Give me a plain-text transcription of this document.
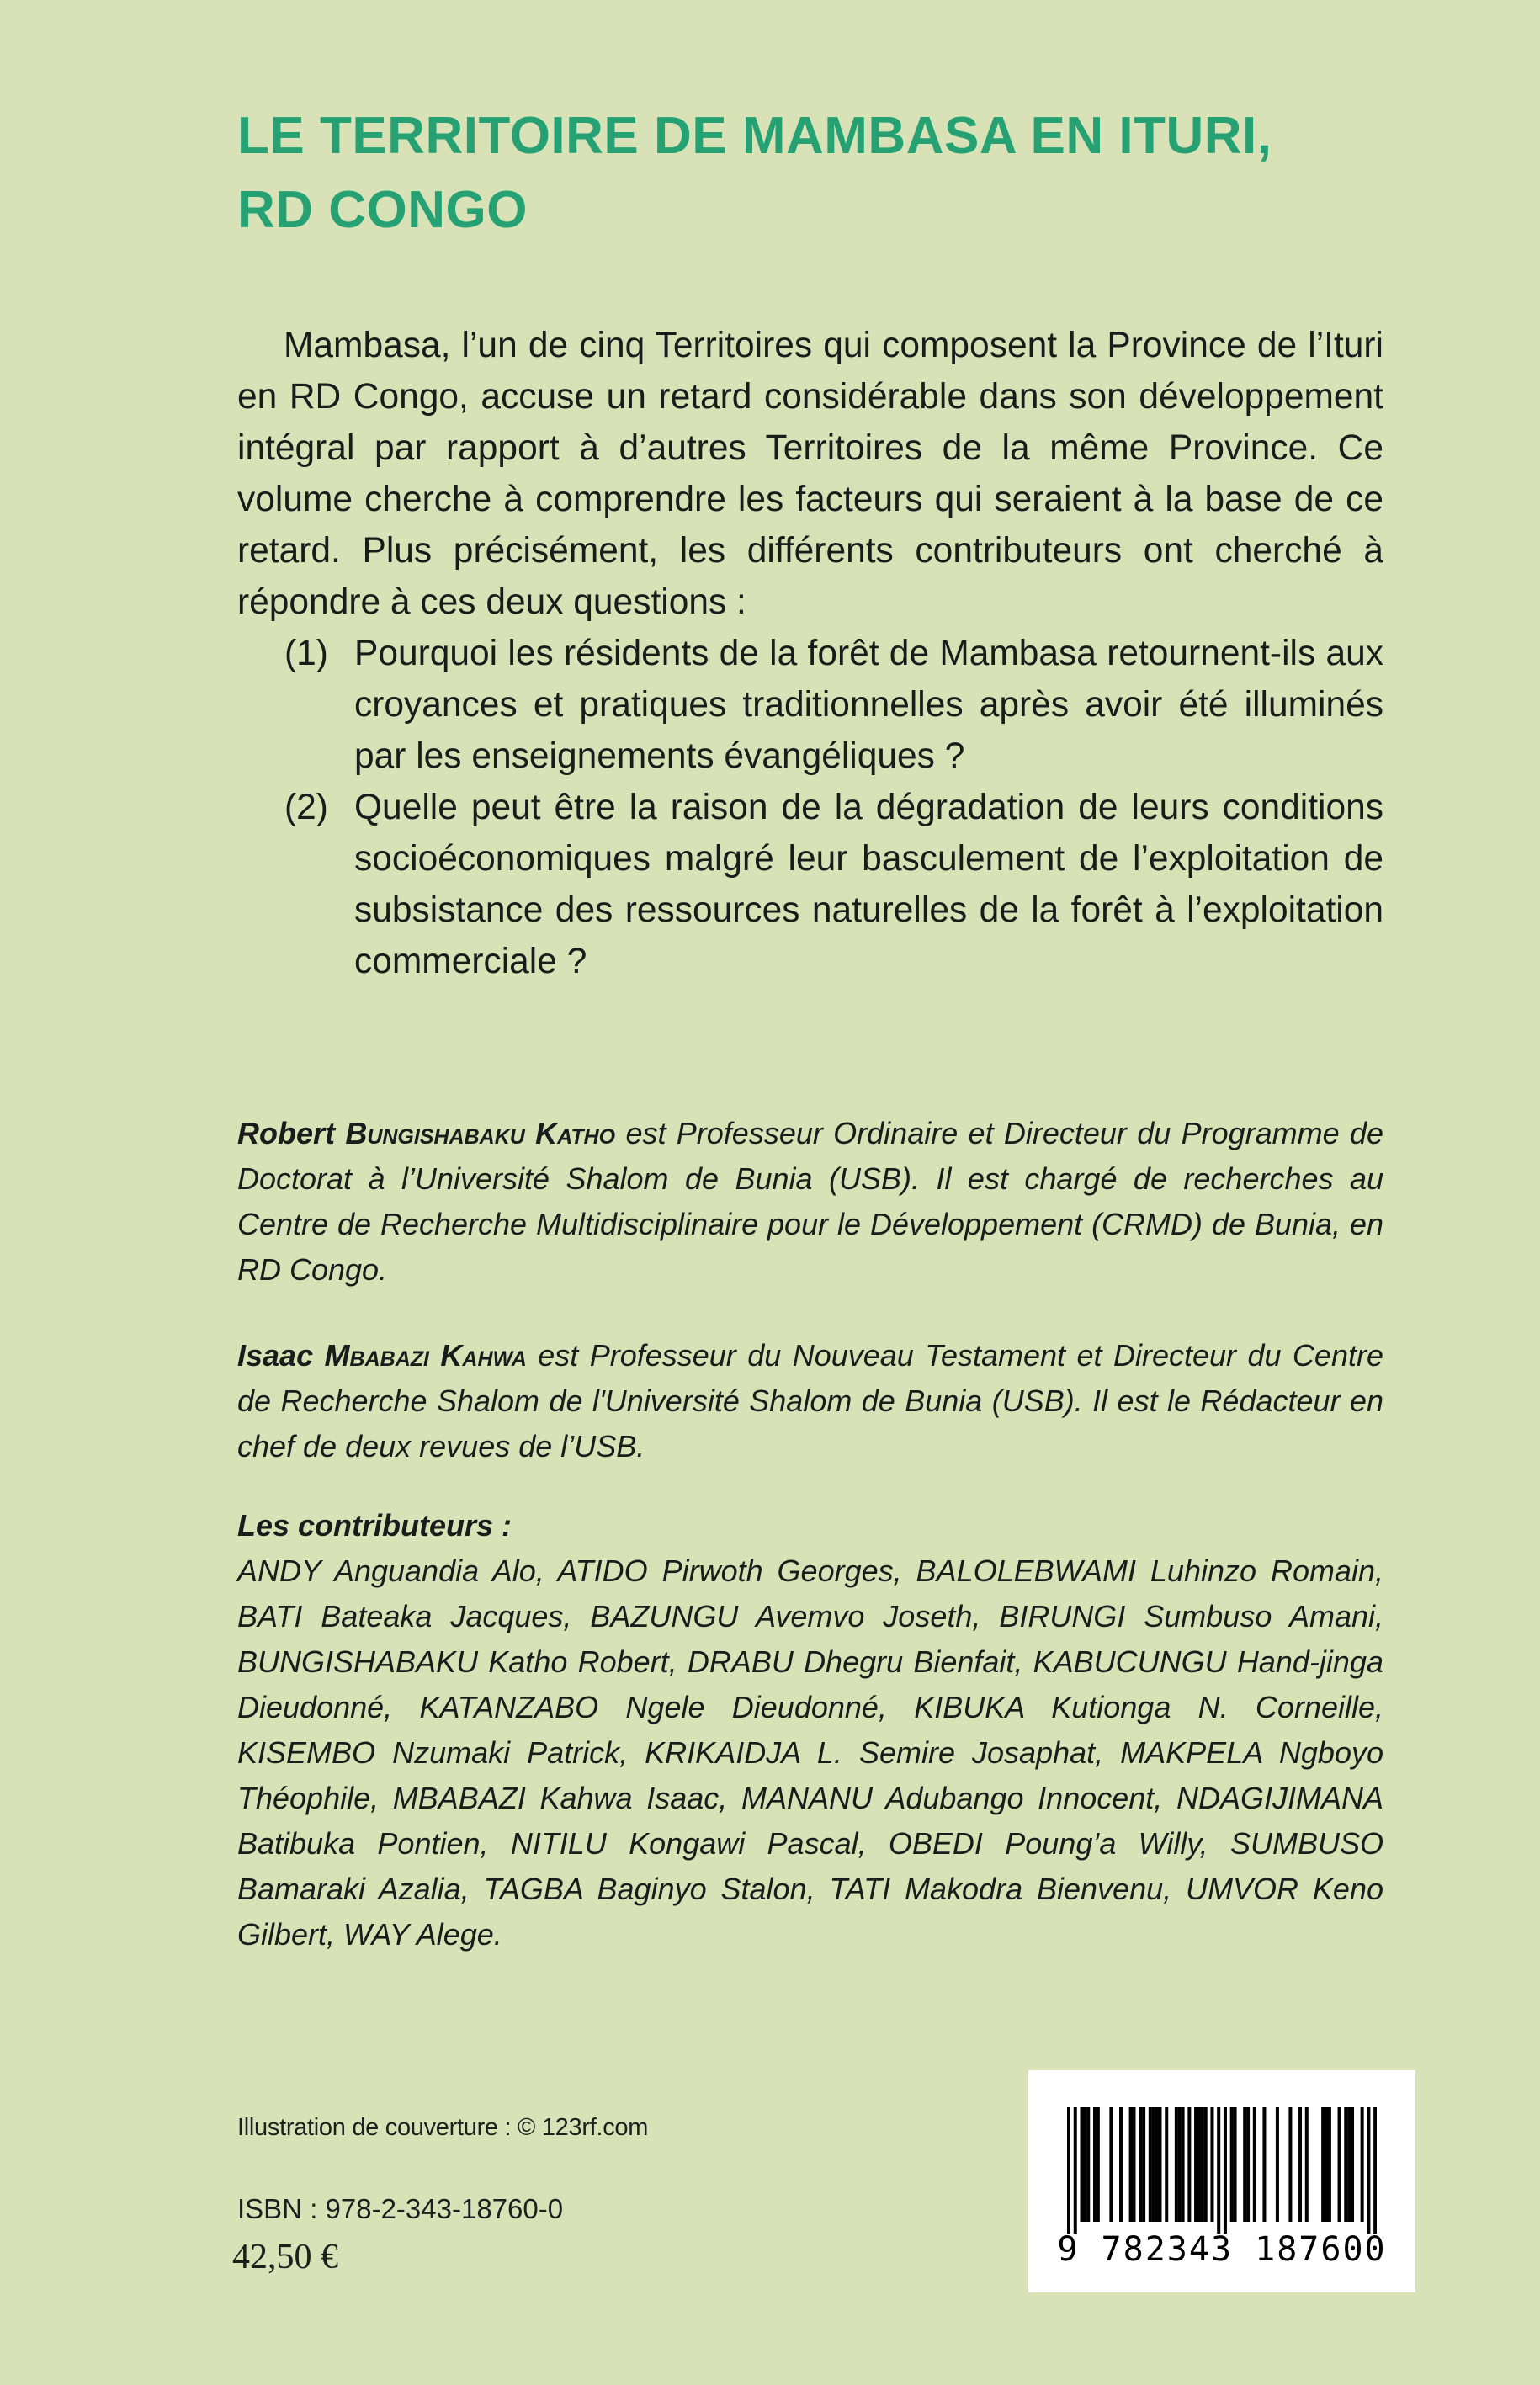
LE TERRITOIRE DE MAMBASA EN ITURI,
RD CONGO

Mambasa, l’un de cinq Territoires qui composent la Province de l’Ituri en RD Congo, accuse un retard considérable dans son développement intégral par rapport à d’autres Territoires de la même Province. Ce volume cherche à comprendre les facteurs qui seraient à la base de ce retard. Plus précisément, les différents contributeurs ont cherché à répondre à ces deux questions :

(1) Pourquoi les résidents de la forêt de Mambasa retournent-ils aux croyances et pratiques traditionnelles après avoir été illuminés par les enseignements évangéliques ?
(2) Quelle peut être la raison de la dégradation de leurs conditions socioéconomiques malgré leur basculement de l’exploitation de subsistance des ressources naturelles de la forêt à l’exploitation commerciale ?

Robert Bungishabaku Katho est Professeur Ordinaire et Directeur du Programme de Doctorat à l’Université Shalom de Bunia (USB). Il est chargé de recherches au Centre de Recherche Multidisciplinaire pour le Développement (CRMD) de Bunia, en RD Congo.

Isaac Mbabazi Kahwa est Professeur du Nouveau Testament et Directeur du Centre de Recherche Shalom de l'Université Shalom de Bunia (USB). Il est le Rédacteur en chef de deux revues de l’USB.

Les contributeurs :
ANDY Anguandia Alo, ATIDO Pirwoth Georges, BALOLEBWAMI Luhinzo Romain, BATI Bateaka Jacques, BAZUNGU Avemvo Joseth, BIRUNGI Sumbuso Amani, BUNGISHABAKU Katho Robert, DRABU Dhegru Bienfait, KABUCUNGU Hand-jinga Dieudonné, KATANZABO Ngele Dieudonné, KIBUKA Kutionga N. Corneille, KISEMBO Nzumaki Patrick, KRIKAIDJA L. Semire Josaphat, MAKPELA Ngboyo Théophile, MBABAZI Kahwa Isaac, MANANU Adubango Innocent, NDAGIJIMANA Batibuka Pontien, NITILU Kongawi Pascal, OBEDI Poung’a Willy, SUMBUSO Bamaraki Azalia, TAGBA Baginyo Stalon, TATI Makodra Bienvenu, UMVOR Keno Gilbert, WAY Alege.

Illustration de couverture : © 123rf.com
ISBN : 978-2-343-18760-0
42,50 €	9 782343 187600
